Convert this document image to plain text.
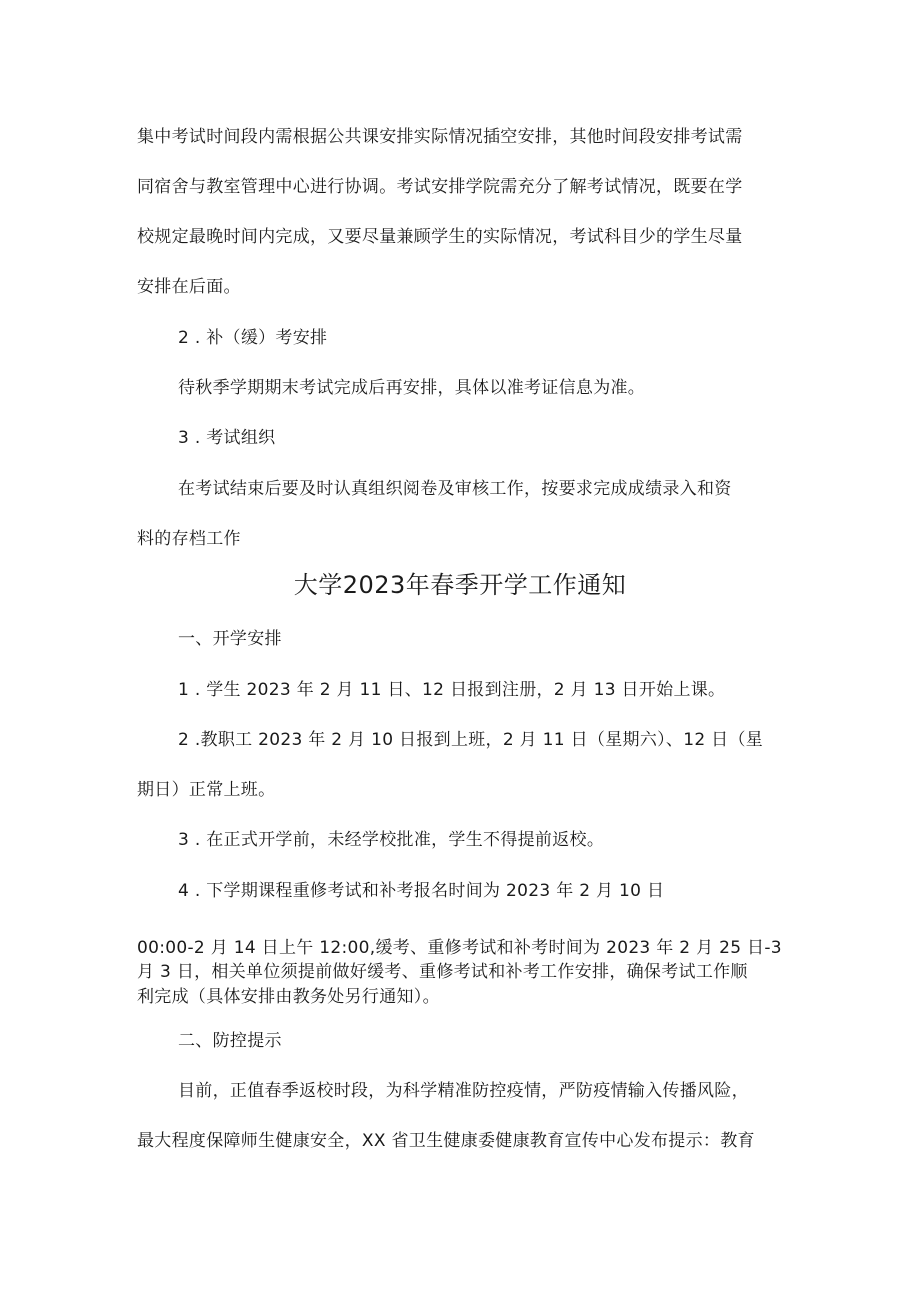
集中考试时间段内需根据公共课安排实际情况插空安排，其他时间段安排考试需
同宿舍与教室管理中心进行协调。考试安排学院需充分了解考试情况，既要在学
校规定最晚时间内完成，又要尽量兼顾学生的实际情况，考试科目少的学生尽量
安排在后面。
2 . 补（缓）考安排
待秋季学期期末考试完成后再安排，具体以准考证信息为准。
3 . 考试组织
在考试结束后要及时认真组织阅卷及审核工作，按要求完成成绩录入和资
料的存档工作
大学2023年春季开学工作通知
一、开学安排
1 . 学生 2023 年 2 月 11 日、12 日报到注册，2 月 13 日开始上课。
2 .教职工 2023 年 2 月 10 日报到上班，2 月 11 日（星期六）、12 日（星
期日）正常上班。
3 . 在正式开学前，未经学校批准，学生不得提前返校。
4 . 下学期课程重修考试和补考报名时间为 2023 年 2 月 10 日
00:00-2 月 14 日上午 12:00,缓考、重修考试和补考时间为 2023 年 2 月 25 日-3
月 3 日，相关单位须提前做好缓考、重修考试和补考工作安排，确保考试工作顺
利完成（具体安排由教务处另行通知）。
二、防控提示
目前，正值春季返校时段，为科学精准防控疫情，严防疫情输入传播风险，
最大程度保障师生健康安全，XX 省卫生健康委健康教育宣传中心发布提示：教育
